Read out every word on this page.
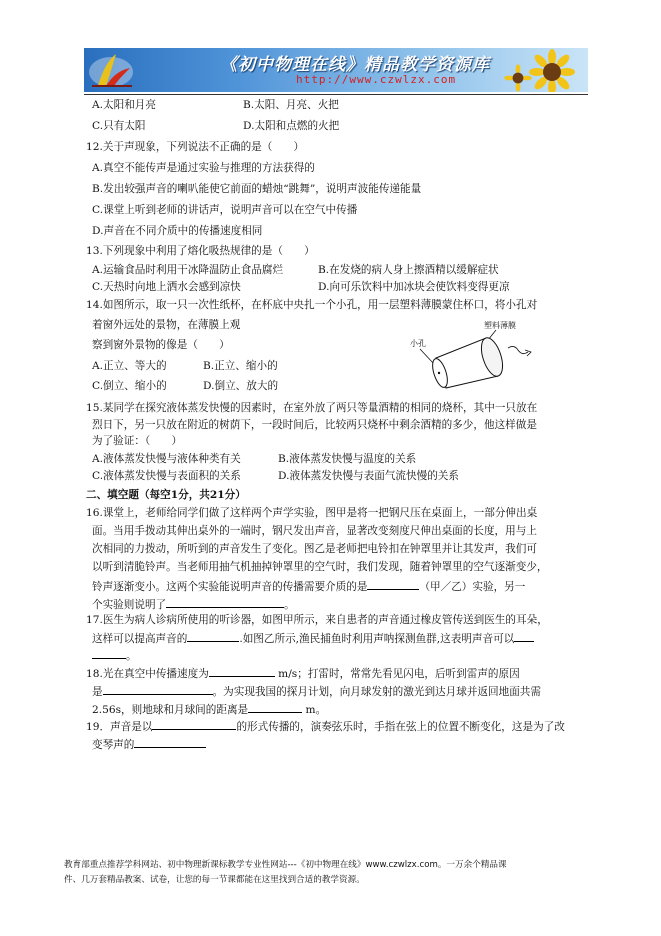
《初中物理在线》精品教学资源库
http://www.czwlzx.com
A.太阳和月亮	B.太阳、月亮、火把
C.只有太阳	D.太阳和点燃的火把
12.关于声现象，下列说法不正确的是（　　）
A.真空不能传声是通过实验与推理的方法获得的
B.发出较强声音的喇叭能使它前面的蜡烛“跳舞”，说明声波能传递能量
C.课堂上听到老师的讲话声，说明声音可以在空气中传播
D.声音在不同介质中的传播速度相同
13.下列现象中利用了熔化吸热规律的是（　　）
A.运输食品时利用干冰降温防止食品腐烂	B.在发烧的病人身上擦酒精以缓解症状
C.天热时向地上洒水会感到凉快	D.向可乐饮料中加冰块会使饮料变得更凉
14.如图所示，取一只一次性纸杯，在杯底中央扎一个小孔，用一层塑料薄膜蒙住杯口，将小孔对
着窗外远处的景物，在薄膜上观
察到窗外景物的像是（　　）
A.正立、等大的	B.正立、缩小的
C.倒立、缩小的	D.倒立、放大的
塑料薄膜
小孔
15.某同学在探究液体蒸发快慢的因素时，在室外放了两只等量酒精的相同的烧杯，其中一只放在
烈日下，另一只放在附近的树荫下，一段时间后，比较两只烧杯中剩余酒精的多少，他这样做是
为了验证：（　　）
A.液体蒸发快慢与液体种类有关	B.液体蒸发快慢与温度的关系
C.液体蒸发快慢与表面积的关系	D.液体蒸发快慢与表面气流快慢的关系
二、填空题（每空1分，共21分）
16.课堂上，老师给同学们做了这样两个声学实验，图甲是将一把钢尺压在桌面上，一部分伸出桌
面。当用手拨动其伸出桌外的一端时，钢尺发出声音，显著改变刻度尺伸出桌面的长度，用与上
次相同的力拨动，所听到的声音发生了变化。图乙是老师把电铃扣在钟罩里并让其发声，我们可
以听到清脆铃声。当老师用抽气机抽掉钟罩里的空气时，我们发现，随着钟罩里的空气逐渐变少，
铃声逐渐变小。这两个实验能说明声音的传播需要介质的是	（甲／乙）实验，另一
个实验则说明了	。
17.医生为病人诊病所使用的听诊器，如图甲所示，来自患者的声音通过橡皮管传送到医生的耳朵，
这样可以提高声音的	.如图乙所示,渔民捕鱼时利用声呐探测鱼群,这表明声音可以
。
18.光在真空中传播速度为	m/s；打雷时，常常先看见闪电，后听到雷声的原因
是	。为实现我国的探月计划，向月球发射的激光到达月球并返回地面共需
2.56s，则地球和月球间的距离是	m。
19．声音是以	的形式传播的，演奏弦乐时，手指在弦上的位置不断变化，这是为了改
变琴声的
教育部重点推荐学科网站、初中物理新课标教学专业性网站---《初中物理在线》www.czwlzx.com。一万余个精品课
件、几万套精品教案、试卷，让您的每一节课都能在这里找到合适的教学资源。
